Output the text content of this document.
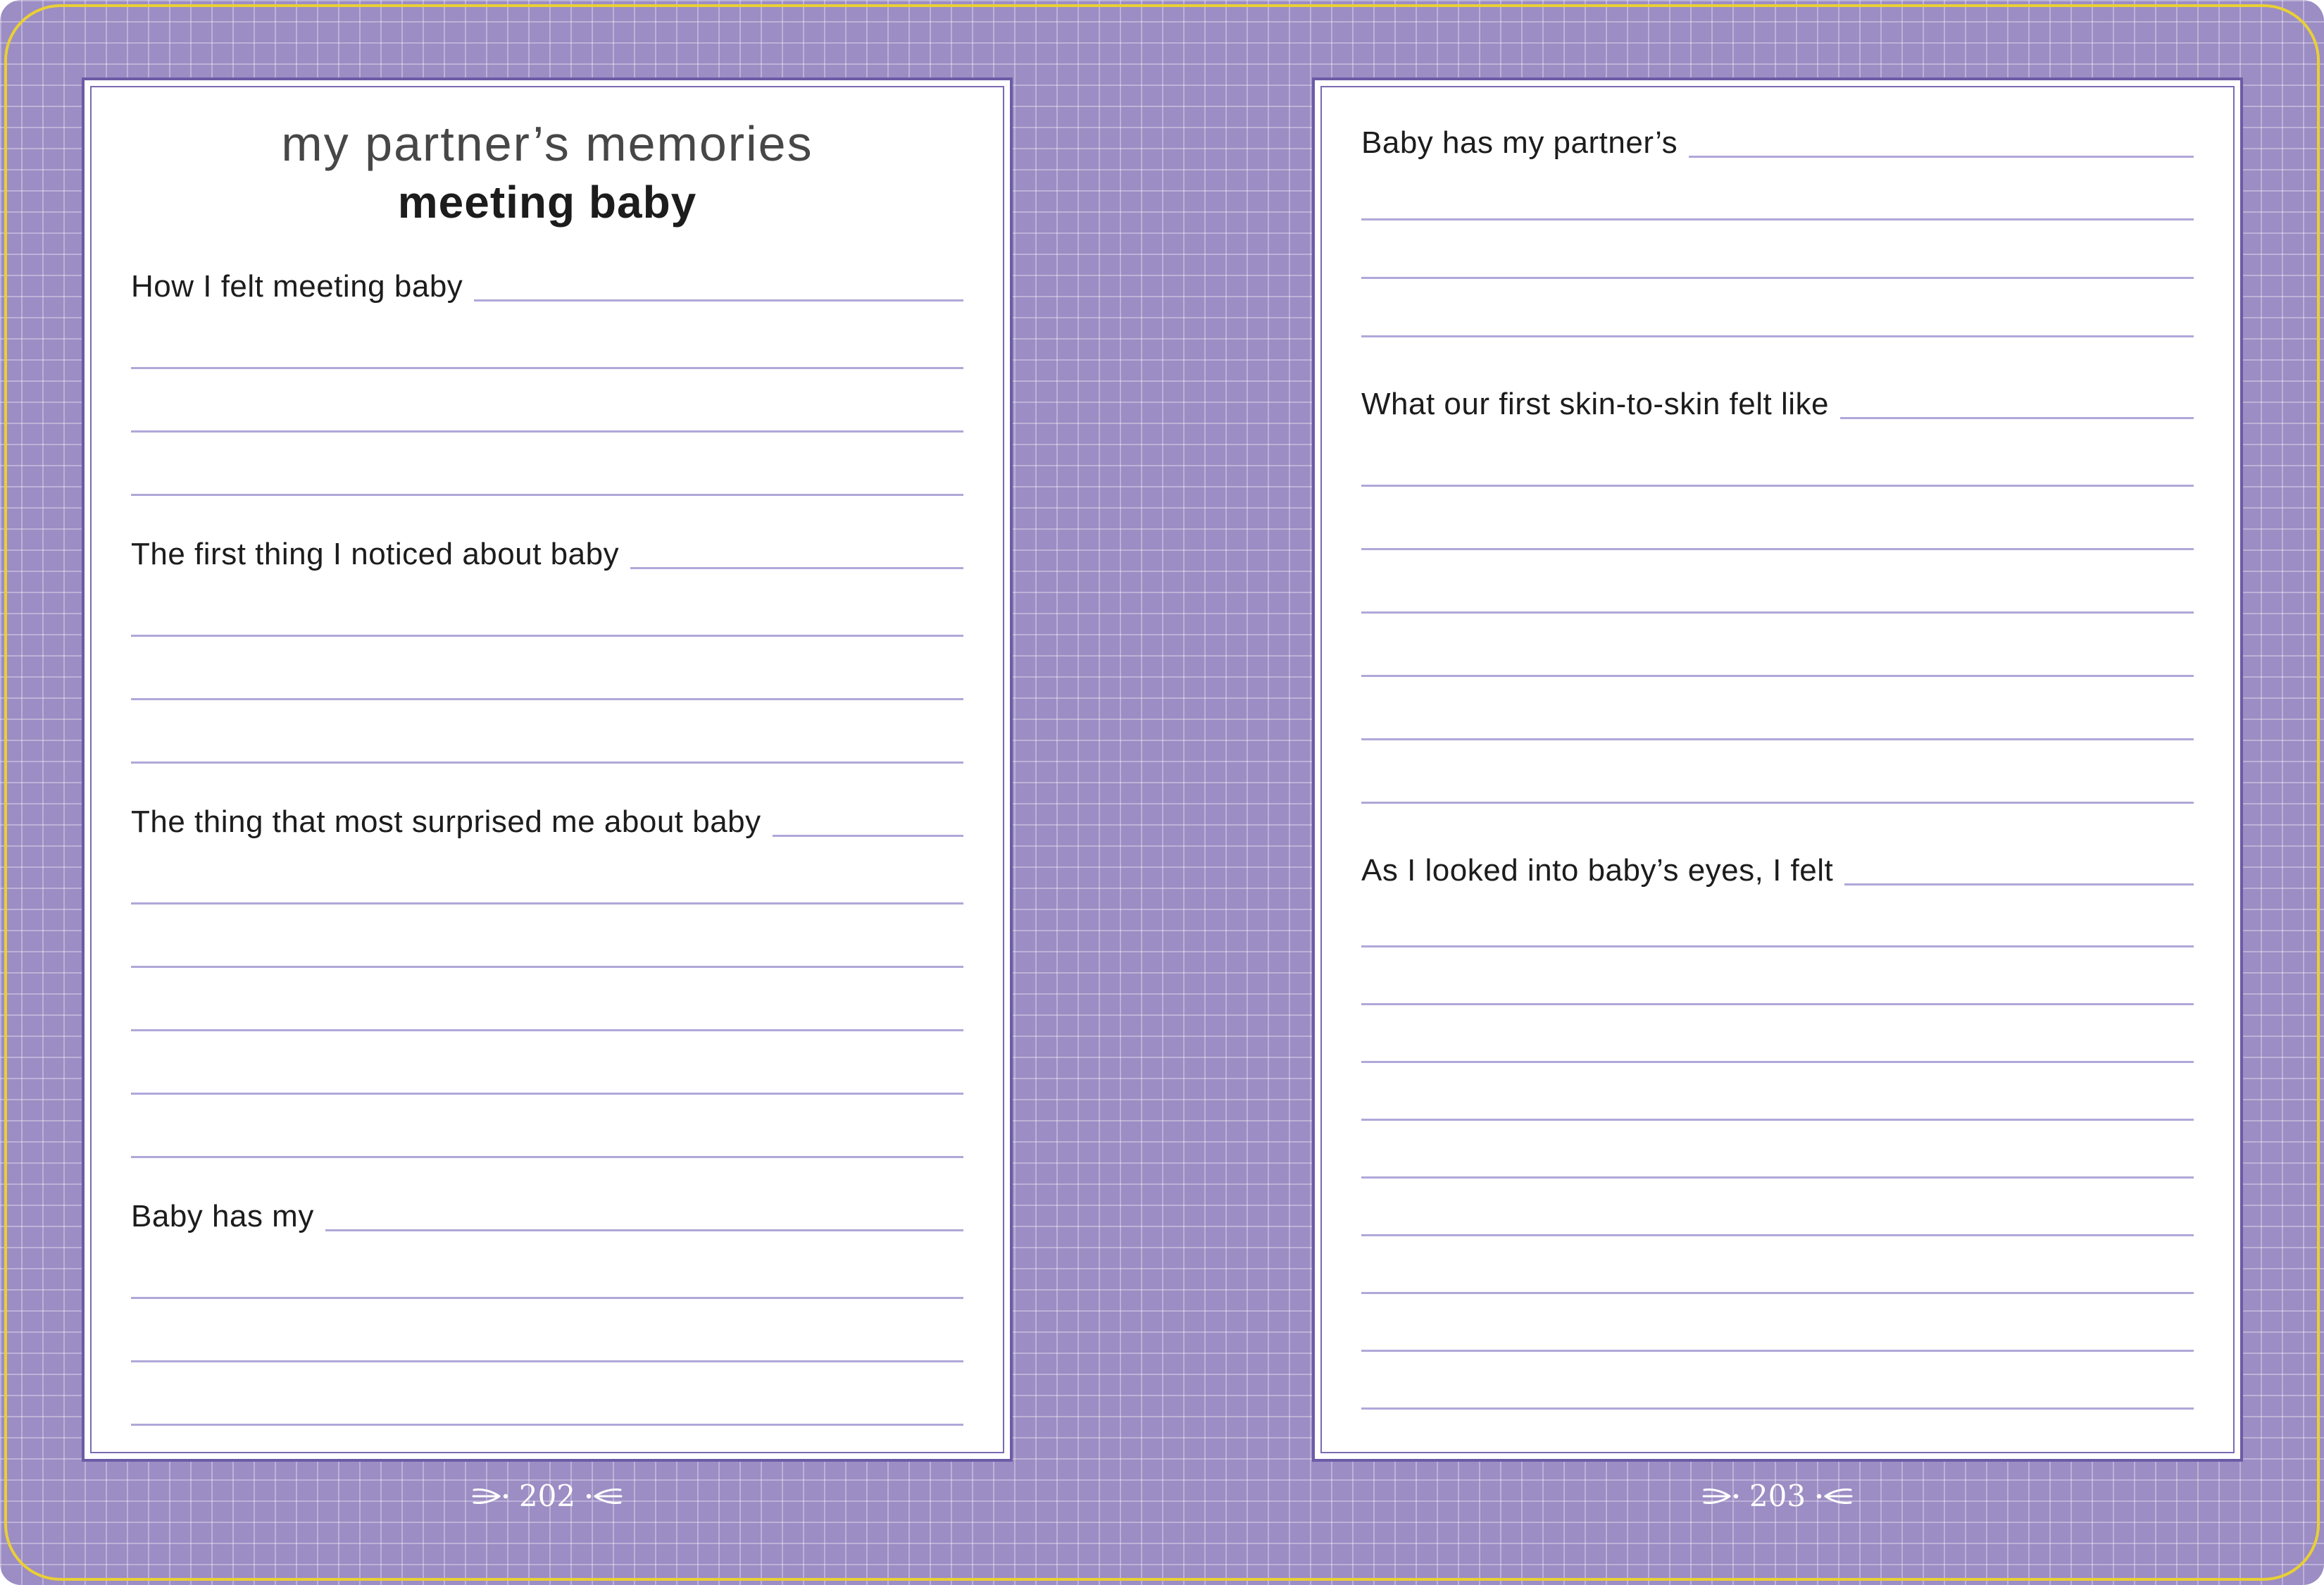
my partner’s memories
meeting baby
How I felt meeting baby
The first thing I noticed about baby
The thing that most surprised me about baby
Baby has my
Baby has my partner’s
What our first skin-to-skin felt like
As I looked into baby’s eyes, I felt
202	203
